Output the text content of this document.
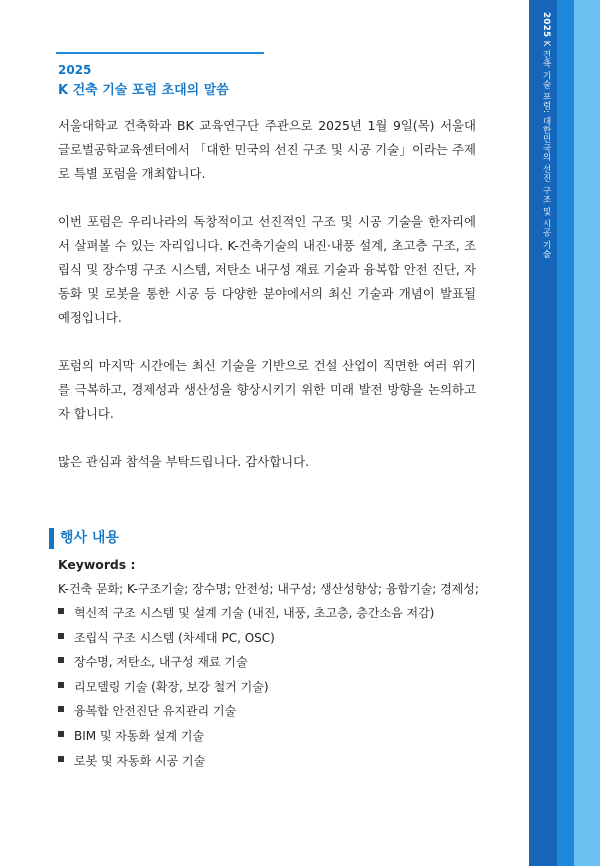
2025
K 건축 기술 포럼 초대의 말씀
서울대학교 건축학과 BK 교육연구단 주관으로 2025년 1월 9일(목) 서울대 글로벌공학교육센터에서 「대한 민국의 선진 구조 및 시공 기술」이라는 주제로 특별 포럼을 개최합니다.
이번 포럼은 우리나라의 독창적이고 선진적인 구조 및 시공 기술을 한자리에서 살펴볼 수 있는 자리입니다. K-건축기술의 내진·내풍 설계, 초고층 구조, 조립식 및 장수명 구조 시스템, 저탄소 내구성 재료 기술과 융복합 안전 진단, 자동화 및 로봇을 통한 시공 등 다양한 분야에서의 최신 기술과 개념이 발표될 예정입니다.
포럼의 마지막 시간에는 최신 기술을 기반으로 건설 산업이 직면한 여러 위기를 극복하고, 경제성과 생산성을 향상시키기 위한 미래 발전 방향을 논의하고자 합니다.
많은 관심과 참석을 부탁드립니다. 감사합니다.
행사 내용
Keywords :
K-건축 문화; K-구조기술; 장수명; 안전성; 내구성; 생산성향상; 융합기술; 경제성;
혁신적 구조 시스템 및 설계 기술 (내진, 내풍, 초고층, 층간소음 저감)
조립식 구조 시스템 (차세대 PC, OSC)
장수명, 저탄소, 내구성 재료 기술
리모델링 기술 (확장, 보강 철거 기술)
융복합 안전진단 유지관리 기술
BIM 및 자동화 설계 기술
로봇 및 자동화 시공 기술
2025 K 건축 기술 포럼: 대한민국의 선진 구조 및 시공 기술
